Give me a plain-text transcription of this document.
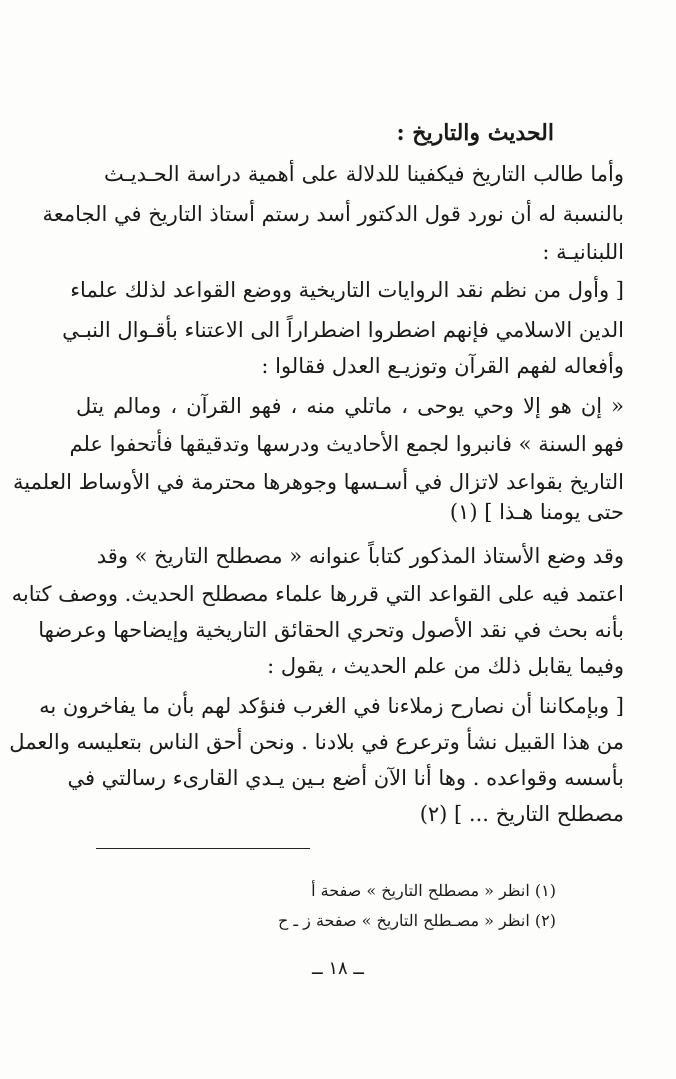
الحديث والتاريخ :
وأما طالب التاريخ فيكفينا للدلالة على أهمية دراسة الحـديـث
بالنسبة له أن نورد قول الدكتور أسد رستم أستاذ التاريخ في الجامعة
اللبنانيـة :
[ وأول من نظم نقد الروايات التاريخية ووضع القواعد لذلك علماء
الدين الاسلامي فإنهم اضطروا اضطراراً الى الاعتناء بأقـوال النبـي
وأفعاله لفهم القرآن وتوزيـع العدل فقالوا :
« إن هو إلا وحي يوحى ، ماتلي منه ، فهو القرآن ، ومالم يتل
فهو السنة » فانبروا لجمع الأحاديث ودرسها وتدقيقها فأتحفوا علم
التاريخ بقواعد لاتزال في أسـسها وجوهرها محترمة في الأوساط العلمية
حتى يومنا هـذا ] (١)
وقد وضع الأستاذ المذكور كتاباً عنوانه « مصطلح التاريخ » وقد
اعتمد فيه على القواعد التي قررها علماء مصطلح الحديث. ووصف كتابه
بأنه بحث في نقد الأصول وتحري الحقائق التاريخية وإيضاحها وعرضها
وفيما يقابل ذلك من علم الحديث ، يقول :
[ وبإمكاننا أن نصارح زملاءنا في الغرب فنؤكد لهم بأن ما يفاخرون به
من هذا القبيل نشأ وترعرع في بلادنا . ونحن أحق الناس بتعليسه والعمل
بأسسه وقواعده . وها أنا الآن أضع بـين يـدي القارىء رسالتي في
مصطلح التاريخ ... ] (٢)
(١) انظر « مصطلح التاريخ » صفحة أ
(٢) انظر « مصـطلح التاريخ » صفحة ز ـ ح
ــ ١٨ ــ
